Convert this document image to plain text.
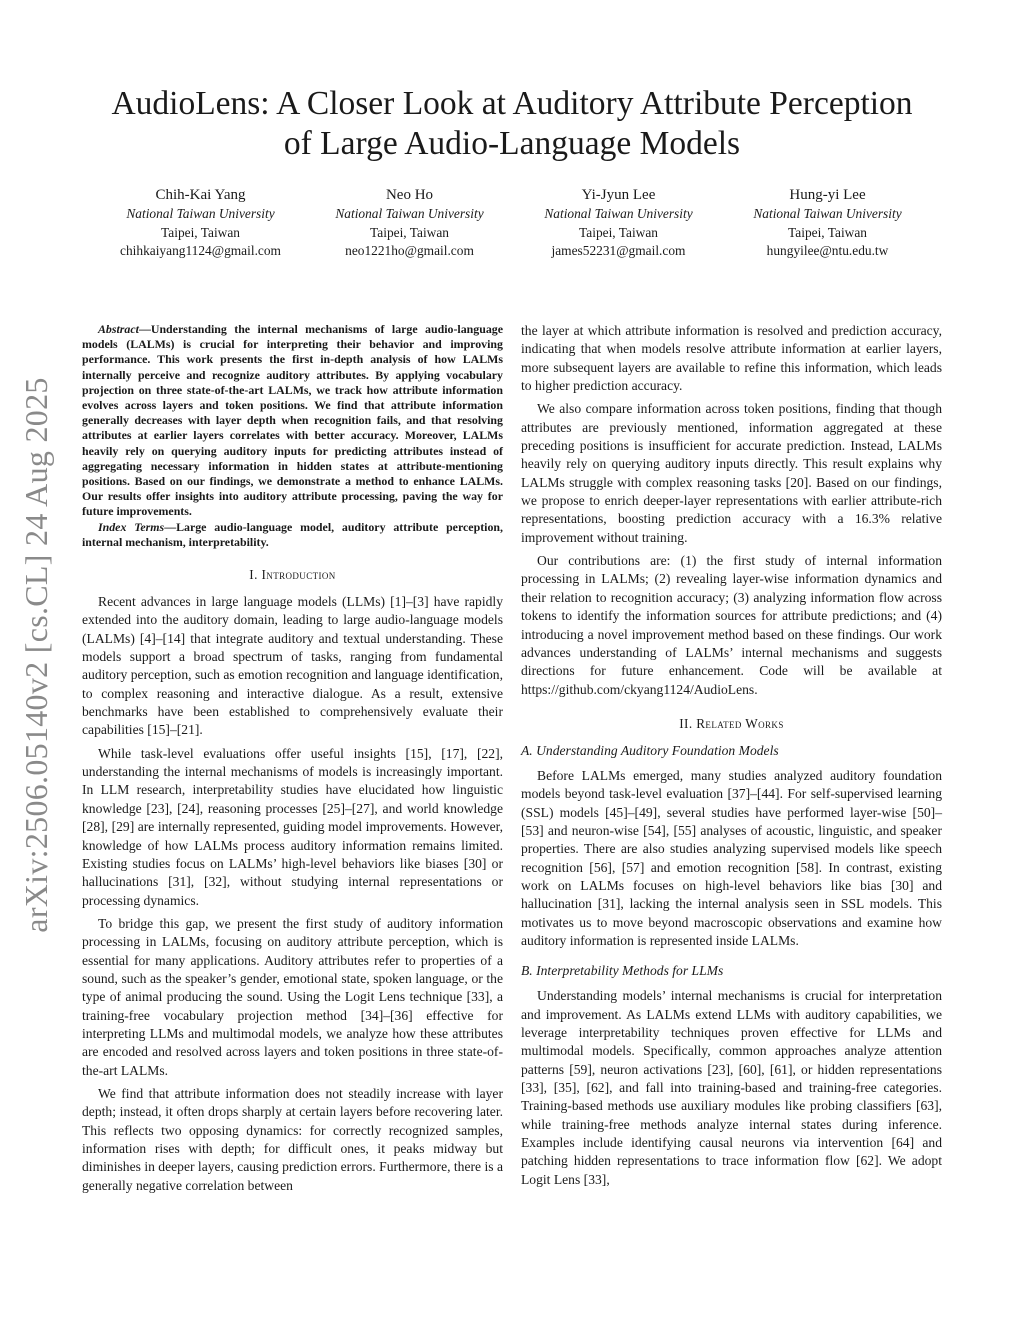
arXiv:2506.05140v2 [cs.CL] 24 Aug 2025
AudioLens: A Closer Look at Auditory Attribute Perception
of Large Audio-Language Models
Chih-Kai Yang
National Taiwan University
Taipei, Taiwan
chihkaiyang1124@gmail.com
Neo Ho
National Taiwan University
Taipei, Taiwan
neo1221ho@gmail.com
Yi-Jyun Lee
National Taiwan University
Taipei, Taiwan
james52231@gmail.com
Hung-yi Lee
National Taiwan University
Taipei, Taiwan
hungyilee@ntu.edu.tw

Abstract—Understanding the internal mechanisms of large audio-language models (LALMs) is crucial for interpreting their behavior and improving performance. This work presents the first in-depth analysis of how LALMs internally perceive and recognize auditory attributes. By applying vocabulary projection on three state-of-the-art LALMs, we track how attribute information evolves across layers and token positions. We find that attribute information generally decreases with layer depth when recognition fails, and that resolving attributes at earlier layers correlates with better accuracy. Moreover, LALMs heavily rely on querying auditory inputs for predicting attributes instead of aggregating necessary information in hidden states at attribute-mentioning positions. Based on our findings, we demonstrate a method to enhance LALMs. Our results offer insights into auditory attribute processing, paving the way for future improvements.

Index Terms—Large audio-language model, auditory attribute perception, internal mechanism, interpretability.

I. Introduction

Recent advances in large language models (LLMs) [1]–[3] have rapidly extended into the auditory domain, leading to large audio-language models (LALMs) [4]–[14] that integrate auditory and textual understanding. These models support a broad spectrum of tasks, ranging from fundamental auditory perception, such as emotion recognition and language identification, to complex reasoning and interactive dialogue. As a result, extensive benchmarks have been established to comprehensively evaluate their capabilities [15]–[21].

While task-level evaluations offer useful insights [15], [17], [22], understanding the internal mechanisms of models is increasingly important. In LLM research, interpretability studies have elucidated how linguistic knowledge [23], [24], reasoning processes [25]–[27], and world knowledge [28], [29] are internally represented, guiding model improvements. However, knowledge of how LALMs process auditory information remains limited. Existing studies focus on LALMs’ high-level behaviors like biases [30] or hallucinations [31], [32], without studying internal representations or processing dynamics.

To bridge this gap, we present the first study of auditory information processing in LALMs, focusing on auditory attribute perception, which is essential for many applications. Auditory attributes refer to properties of a sound, such as the speaker’s gender, emotional state, spoken language, or the type of animal producing the sound. Using the Logit Lens technique [33], a training-free vocabulary projection method [34]–[36] effective for interpreting LLMs and multimodal models, we analyze how these attributes are encoded and resolved across layers and token positions in three state-of-the-art LALMs.

We find that attribute information does not steadily increase with layer depth; instead, it often drops sharply at certain layers before recovering later. This reflects two opposing dynamics: for correctly recognized samples, information rises with depth; for difficult ones, it peaks midway but diminishes in deeper layers, causing prediction errors. Furthermore, there is a generally negative correlation between

the layer at which attribute information is resolved and prediction accuracy, indicating that when models resolve attribute information at earlier layers, more subsequent layers are available to refine this information, which leads to higher prediction accuracy.

We also compare information across token positions, finding that though attributes are previously mentioned, information aggregated at these preceding positions is insufficient for accurate prediction. Instead, LALMs heavily rely on querying auditory inputs directly. This result explains why LALMs struggle with complex reasoning tasks [20]. Based on our findings, we propose to enrich deeper-layer representations with earlier attribute-rich representations, boosting prediction accuracy with a 16.3% relative improvement without training.

Our contributions are: (1) the first study of internal information processing in LALMs; (2) revealing layer-wise information dynamics and their relation to recognition accuracy; (3) analyzing information flow across tokens to identify the information sources for attribute predictions; and (4) introducing a novel improvement method based on these findings. Our work advances understanding of LALMs’ internal mechanisms and suggests directions for future enhancement. Code will be available at https://github.com/ckyang1124/AudioLens.

II. Related Works
A. Understanding Auditory Foundation Models

Before LALMs emerged, many studies analyzed auditory foundation models beyond task-level evaluation [37]–[44]. For self-supervised learning (SSL) models [45]–[49], several studies have performed layer-wise [50]–[53] and neuron-wise [54], [55] analyses of acoustic, linguistic, and speaker properties. There are also studies analyzing supervised models like speech recognition [56], [57] and emotion recognition [58]. In contrast, existing work on LALMs focuses on high-level behaviors like bias [30] and hallucination [31], lacking the internal analysis seen in SSL models. This motivates us to move beyond macroscopic observations and examine how auditory information is represented inside LALMs.

B. Interpretability Methods for LLMs

Understanding models’ internal mechanisms is crucial for interpretation and improvement. As LALMs extend LLMs with auditory capabilities, we leverage interpretability techniques proven effective for LLMs and multimodal models. Specifically, common approaches analyze attention patterns [59], neuron activations [23], [60], [61], or hidden representations [33], [35], [62], and fall into training-based and training-free categories. Training-based methods use auxiliary modules like probing classifiers [63], while training-free methods analyze internal states during inference. Examples include identifying causal neurons via intervention [64] and patching hidden representations to trace information flow [62]. We adopt Logit Lens [33],
